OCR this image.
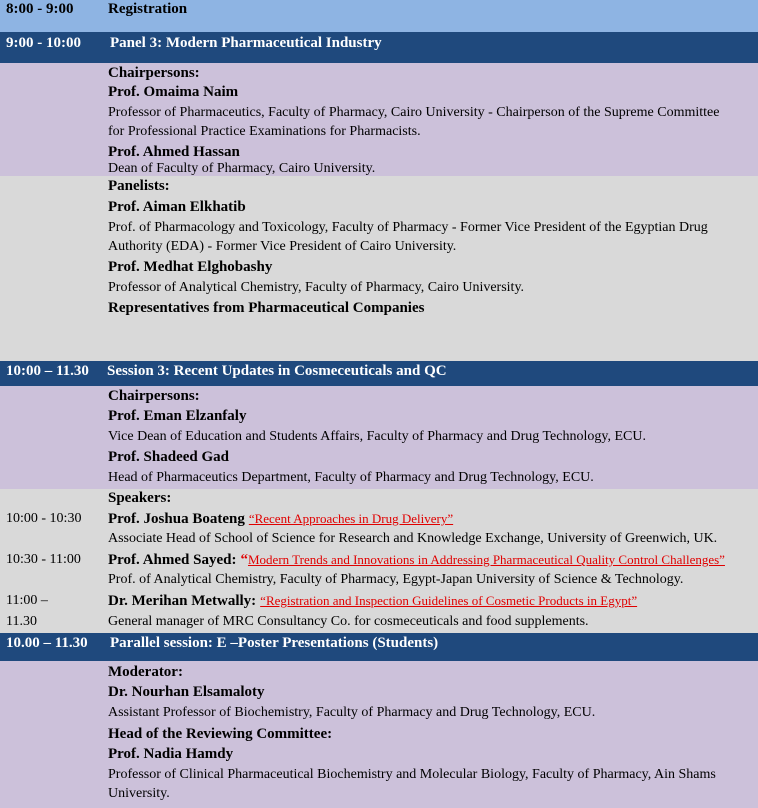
8:00 - 9:00 Registration
9:00 - 10:00 Panel 3: Modern Pharmaceutical Industry
Chairpersons:
Prof. Omaima Naim
Professor of Pharmaceutics, Faculty of Pharmacy, Cairo University - Chairperson of the Supreme Committee
for Professional Practice Examinations for Pharmacists.
Prof. Ahmed Hassan
Dean of Faculty of Pharmacy, Cairo University.
Panelists:
Prof. Aiman Elkhatib
Prof. of Pharmacology and Toxicology, Faculty of Pharmacy - Former Vice President of the Egyptian Drug
Authority (EDA) - Former Vice President of Cairo University.
Prof. Medhat Elghobashy
Professor of Analytical Chemistry, Faculty of Pharmacy, Cairo University.
Representatives from Pharmaceutical Companies
10:00 – 11.30 Session 3: Recent Updates in Cosmeceuticals and QC
Chairpersons:
Prof. Eman Elzanfaly
Vice Dean of Education and Students Affairs, Faculty of Pharmacy and Drug Technology, ECU.
Prof. Shadeed Gad
Head of Pharmaceutics Department, Faculty of Pharmacy and Drug Technology, ECU.
Speakers:
10:00 - 10:30 Prof. Joshua Boateng “Recent Approaches in Drug Delivery”
Associate Head of School of Science for Research and Knowledge Exchange, University of Greenwich, UK.
10:30 - 11:00 Prof. Ahmed Sayed: “Modern Trends and Innovations in Addressing Pharmaceutical Quality Control Challenges”
Prof. of Analytical Chemistry, Faculty of Pharmacy, Egypt-Japan University of Science & Technology.
11:00 –
11.30
Dr. Merihan Metwally: “Registration and Inspection Guidelines of Cosmetic Products in Egypt”
General manager of MRC Consultancy Co. for cosmeceuticals and food supplements.
10.00 – 11.30 Parallel session: E –Poster Presentations (Students)
Moderator:
Dr. Nourhan Elsamaloty
Assistant Professor of Biochemistry, Faculty of Pharmacy and Drug Technology, ECU.
Head of the Reviewing Committee:
Prof. Nadia Hamdy
Professor of Clinical Pharmaceutical Biochemistry and Molecular Biology, Faculty of Pharmacy, Ain Shams
University.
